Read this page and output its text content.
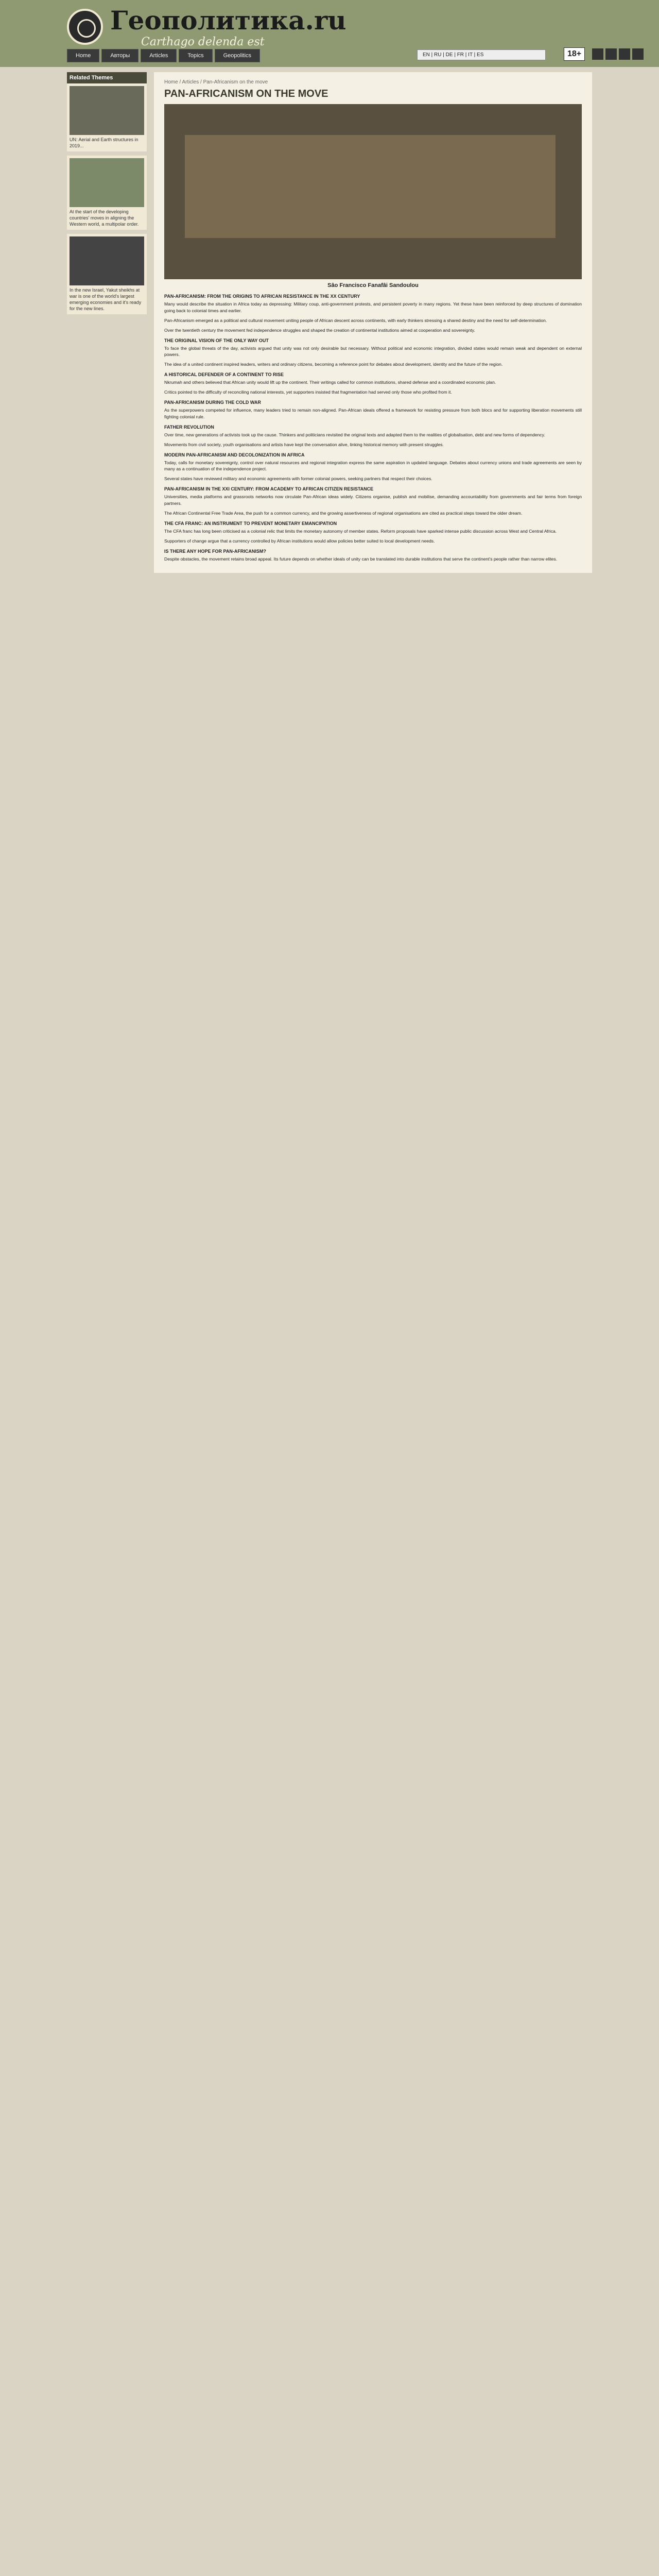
Геополитика.ru
Carthago delenda est
Home	Авторы	Articles	Topics	Geopolitics	EN | RU | DE | FR | IT | ES	18+
Related Themes
UN: Aerial and Earth structures in 2019...
At the start of the developing countries' moves in aligning the Western world, a multipolar order.
In the new Israel, Yakut sheikhs at war is one of the world's largest emerging economies and it's ready for the new lines.
Home / Articles / Pan-Africanism on the move
PAN-AFRICANISM ON THE MOVE
Sâo Francisco Fanafâi Sandoulou
PAN-AFRICANISM: FROM THE ORIGINS TO AFRICAN RESISTANCE IN THE XX CENTURY

Many would describe the situation in Africa today as depressing: Military coup, anti-government protests, and persistent poverty in many regions. Yet these have been reinforced by deep structures of domination going back to colonial times and earlier.

Pan-Africanism emerged as a political and cultural movement uniting people of African descent across continents, with early thinkers stressing a shared destiny and the need for self-determination.

Over the twentieth century the movement fed independence struggles and shaped the creation of continental institutions aimed at cooperation and sovereignty.

THE ORIGINAL VISION OF THE ONLY WAY OUT

To face the global threats of the day, activists argued that unity was not only desirable but necessary. Without political and economic integration, divided states would remain weak and dependent on external powers.

The idea of a united continent inspired leaders, writers and ordinary citizens, becoming a reference point for debates about development, identity and the future of the region.

A HISTORICAL DEFENDER OF A CONTINENT TO RISE

Nkrumah and others believed that African unity would lift up the continent. Their writings called for common institutions, shared defense and a coordinated economic plan.

Critics pointed to the difficulty of reconciling national interests, yet supporters insisted that fragmentation had served only those who profited from it.

PAN-AFRICANISM DURING THE COLD WAR

As the superpowers competed for influence, many leaders tried to remain non-aligned. Pan-African ideals offered a framework for resisting pressure from both blocs and for supporting liberation movements still fighting colonial rule.

FATHER REVOLUTION

Over time, new generations of activists took up the cause. Thinkers and politicians revisited the original texts and adapted them to the realities of globalisation, debt and new forms of dependency.

Movements from civil society, youth organisations and artists have kept the conversation alive, linking historical memory with present struggles.

MODERN PAN-AFRICANISM AND DECOLONIZATION IN AFRICA

Today, calls for monetary sovereignty, control over natural resources and regional integration express the same aspiration in updated language. Debates about currency unions and trade agreements are seen by many as a continuation of the independence project.

Several states have reviewed military and economic agreements with former colonial powers, seeking partners that respect their choices.

PAN-AFRICANISM IN THE XXI CENTURY: FROM ACADEMY TO AFRICAN CITIZEN RESISTANCE

Universities, media platforms and grassroots networks now circulate Pan-African ideas widely. Citizens organise, publish and mobilise, demanding accountability from governments and fair terms from foreign partners.

The African Continental Free Trade Area, the push for a common currency, and the growing assertiveness of regional organisations are cited as practical steps toward the older dream.

THE CFA FRANC: AN INSTRUMENT TO PREVENT MONETARY EMANCIPATION

The CFA franc has long been criticised as a colonial relic that limits the monetary autonomy of member states. Reform proposals have sparked intense public discussion across West and Central Africa.

Supporters of change argue that a currency controlled by African institutions would allow policies better suited to local development needs.

IS THERE ANY HOPE FOR PAN-AFRICANISM?

Despite obstacles, the movement retains broad appeal. Its future depends on whether ideals of unity can be translated into durable institutions that serve the continent's people rather than narrow elites.
